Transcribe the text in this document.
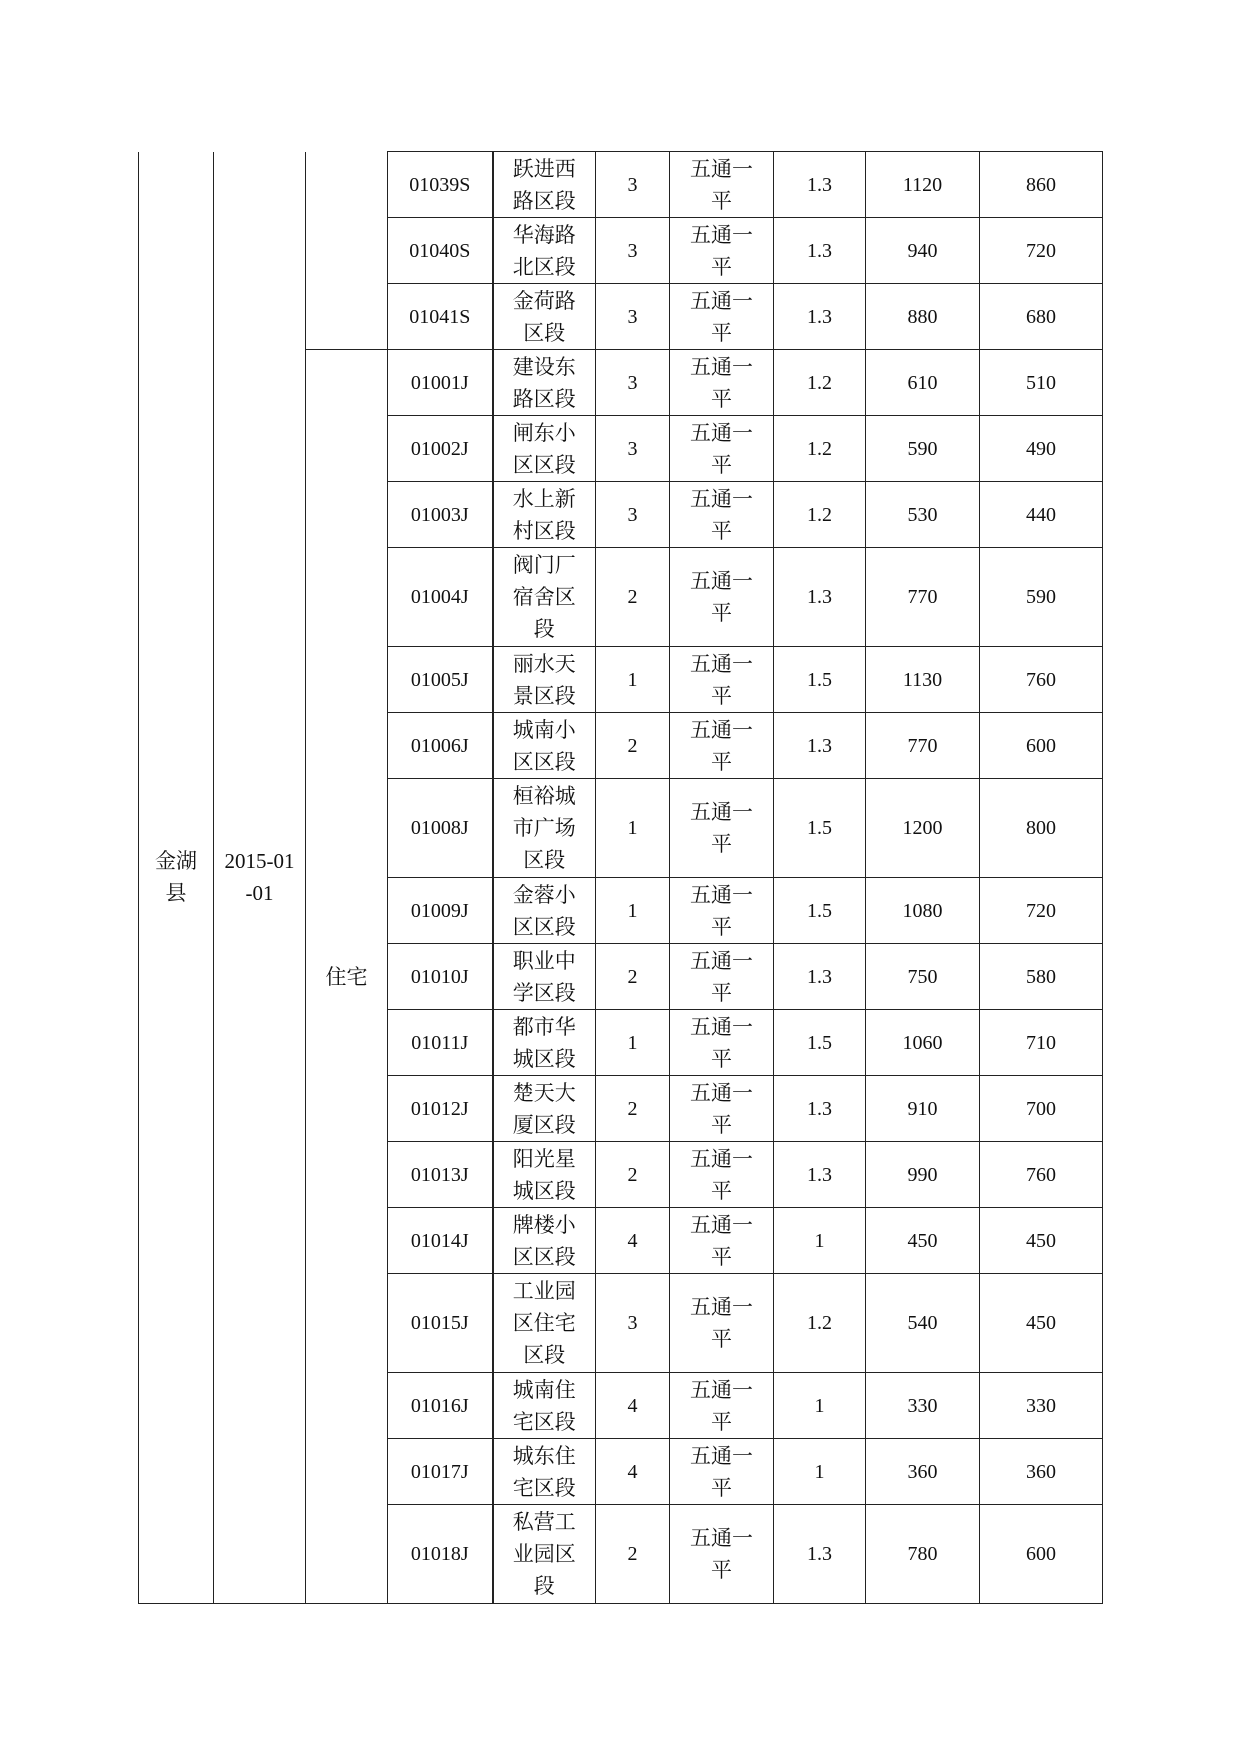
金湖县	2015-01-01		01039S	跃进西路区段	3	五通一平	1.3	1120	860
			01040S	华海路北区段	3	五通一平	1.3	940	720
			01041S	金荷路区段	3	五通一平	1.3	880	680
		住宅	01001J	建设东路区段	3	五通一平	1.2	610	510
			01002J	闸东小区区段	3	五通一平	1.2	590	490
			01003J	水上新村区段	3	五通一平	1.2	530	440
			01004J	阀门厂宿舍区段	2	五通一平	1.3	770	590
			01005J	丽水天景区段	1	五通一平	1.5	1130	760
			01006J	城南小区区段	2	五通一平	1.3	770	600
			01008J	桓裕城市广场区段	1	五通一平	1.5	1200	800
			01009J	金蓉小区区段	1	五通一平	1.5	1080	720
			01010J	职业中学区段	2	五通一平	1.3	750	580
			01011J	都市华城区段	1	五通一平	1.5	1060	710
			01012J	楚天大厦区段	2	五通一平	1.3	910	700
			01013J	阳光星城区段	2	五通一平	1.3	990	760
			01014J	牌楼小区区段	4	五通一平	1	450	450
			01015J	工业园区住宅区段	3	五通一平	1.2	540	450
			01016J	城南住宅区段	4	五通一平	1	330	330
			01017J	城东住宅区段	4	五通一平	1	360	360
			01018J	私营工业园区段	2	五通一平	1.3	780	600
